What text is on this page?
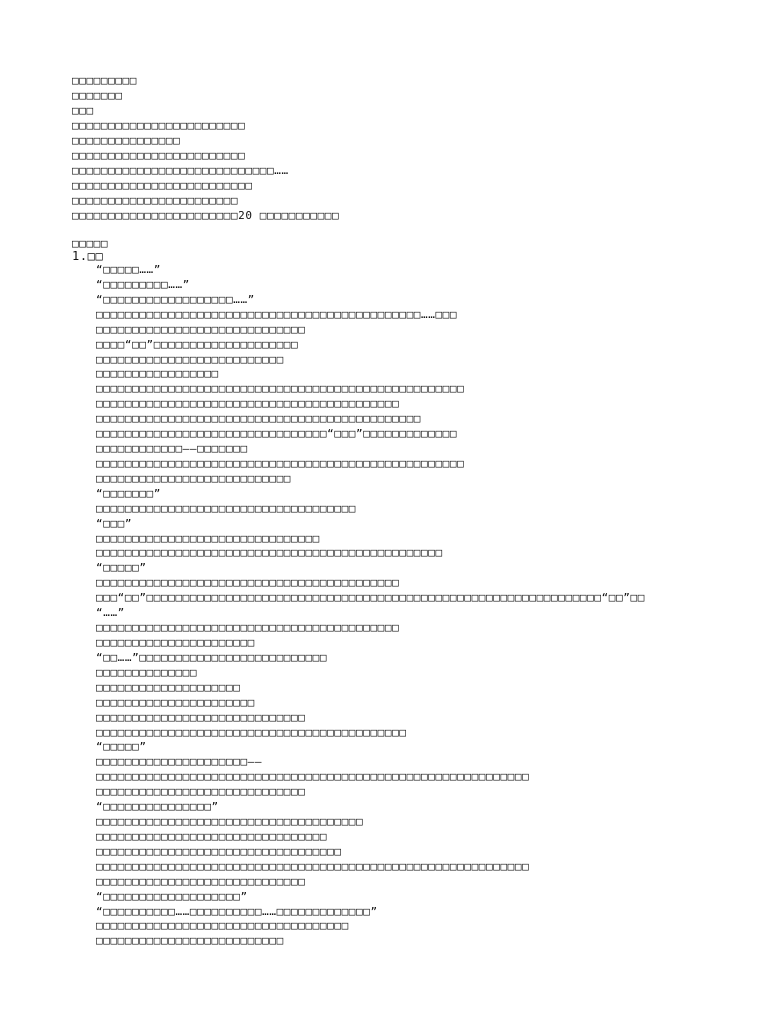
□□□□□□□□□
□□□□□□□
□□□
□□□□□□□□□□□□□□□□□□□□□□□□
□□□□□□□□□□□□□□□
□□□□□□□□□□□□□□□□□□□□□□□□
□□□□□□□□□□□□□□□□□□□□□□□□□□□□……
□□□□□□□□□□□□□□□□□□□□□□□□□
□□□□□□□□□□□□□□□□□□□□□□□
□□□□□□□□□□□□□□□□□□□□□□□20 □□□□□□□□□□□
□□□□□
1.□□
“□□□□□……”
“□□□□□□□□□……”
“□□□□□□□□□□□□□□□□□□……”
□□□□□□□□□□□□□□□□□□□□□□□□□□□□□□□□□□□□□□□□□□□□□……□□□
□□□□□□□□□□□□□□□□□□□□□□□□□□□□□
□□□□“□□”□□□□□□□□□□□□□□□□□□□□
□□□□□□□□□□□□□□□□□□□□□□□□□□
□□□□□□□□□□□□□□□□□
□□□□□□□□□□□□□□□□□□□□□□□□□□□□□□□□□□□□□□□□□□□□□□□□□□□
□□□□□□□□□□□□□□□□□□□□□□□□□□□□□□□□□□□□□□□□□□
□□□□□□□□□□□□□□□□□□□□□□□□□□□□□□□□□□□□□□□□□□□□□
□□□□□□□□□□□□□□□□□□□□□□□□□□□□□□□□“□□□”□□□□□□□□□□□□□
□□□□□□□□□□□□——□□□□□□□
□□□□□□□□□□□□□□□□□□□□□□□□□□□□□□□□□□□□□□□□□□□□□□□□□□□
□□□□□□□□□□□□□□□□□□□□□□□□□□□
“□□□□□□□”
□□□□□□□□□□□□□□□□□□□□□□□□□□□□□□□□□□□□
“□□□”
□□□□□□□□□□□□□□□□□□□□□□□□□□□□□□□
□□□□□□□□□□□□□□□□□□□□□□□□□□□□□□□□□□□□□□□□□□□□□□□□
“□□□□□”
□□□□□□□□□□□□□□□□□□□□□□□□□□□□□□□□□□□□□□□□□□
□□□“□□”□□□□□□□□□□□□□□□□□□□□□□□□□□□□□□□□□□□□□□□□□□□□□□□□□□□□□□□□□□□□□□□“□□”□□
“……”
□□□□□□□□□□□□□□□□□□□□□□□□□□□□□□□□□□□□□□□□□□
□□□□□□□□□□□□□□□□□□□□□□
“□□……”□□□□□□□□□□□□□□□□□□□□□□□□□□
□□□□□□□□□□□□□□
□□□□□□□□□□□□□□□□□□□□
□□□□□□□□□□□□□□□□□□□□□□
□□□□□□□□□□□□□□□□□□□□□□□□□□□□□
□□□□□□□□□□□□□□□□□□□□□□□□□□□□□□□□□□□□□□□□□□□
“□□□□□”
□□□□□□□□□□□□□□□□□□□□□——
□□□□□□□□□□□□□□□□□□□□□□□□□□□□□□□□□□□□□□□□□□□□□□□□□□□□□□□□□□□□
□□□□□□□□□□□□□□□□□□□□□□□□□□□□□
“□□□□□□□□□□□□□□□”
□□□□□□□□□□□□□□□□□□□□□□□□□□□□□□□□□□□□□
□□□□□□□□□□□□□□□□□□□□□□□□□□□□□□□□
□□□□□□□□□□□□□□□□□□□□□□□□□□□□□□□□□□
□□□□□□□□□□□□□□□□□□□□□□□□□□□□□□□□□□□□□□□□□□□□□□□□□□□□□□□□□□□□
□□□□□□□□□□□□□□□□□□□□□□□□□□□□□
“□□□□□□□□□□□□□□□□□□□”
“□□□□□□□□□□……□□□□□□□□□□……□□□□□□□□□□□□□”
□□□□□□□□□□□□□□□□□□□□□□□□□□□□□□□□□□□
□□□□□□□□□□□□□□□□□□□□□□□□□□
